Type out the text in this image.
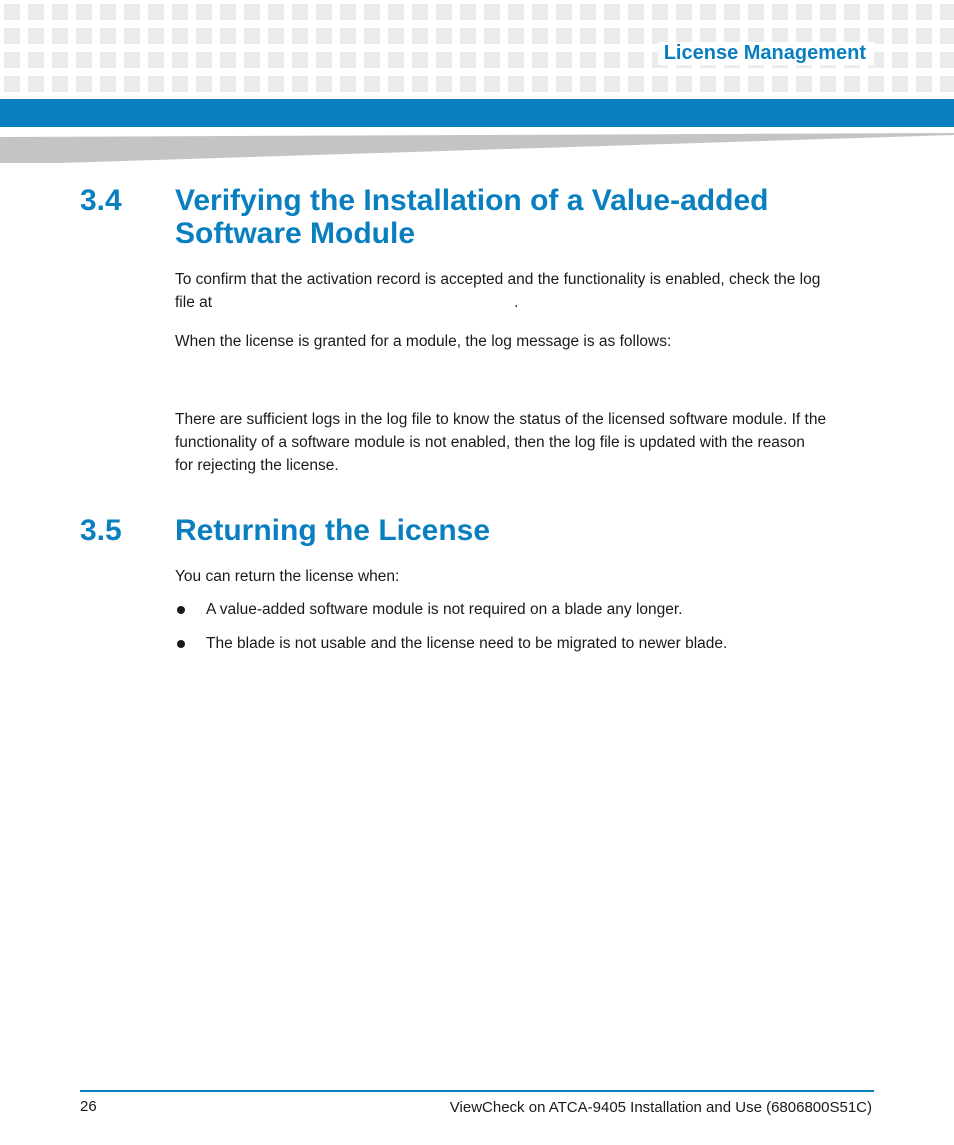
License Management
3.4 Verifying the Installation of a Value-added Software Module

To confirm that the activation record is accepted and the functionality is enabled, check the log

file at	.

When the license is granted for a module, the log message is as follows:

There are sufficient logs in the log file to know the status of the licensed software module. If the

functionality of a software module is not enabled, then the log file is updated with the reason

for rejecting the license.

3.5 Returning the License
You can return the license when:
A value-added software module is not required on a blade any longer.
The blade is not usable and the license need to be migrated to newer blade.
26	ViewCheck on ATCA-9405 Installation and Use (6806800S51C)
